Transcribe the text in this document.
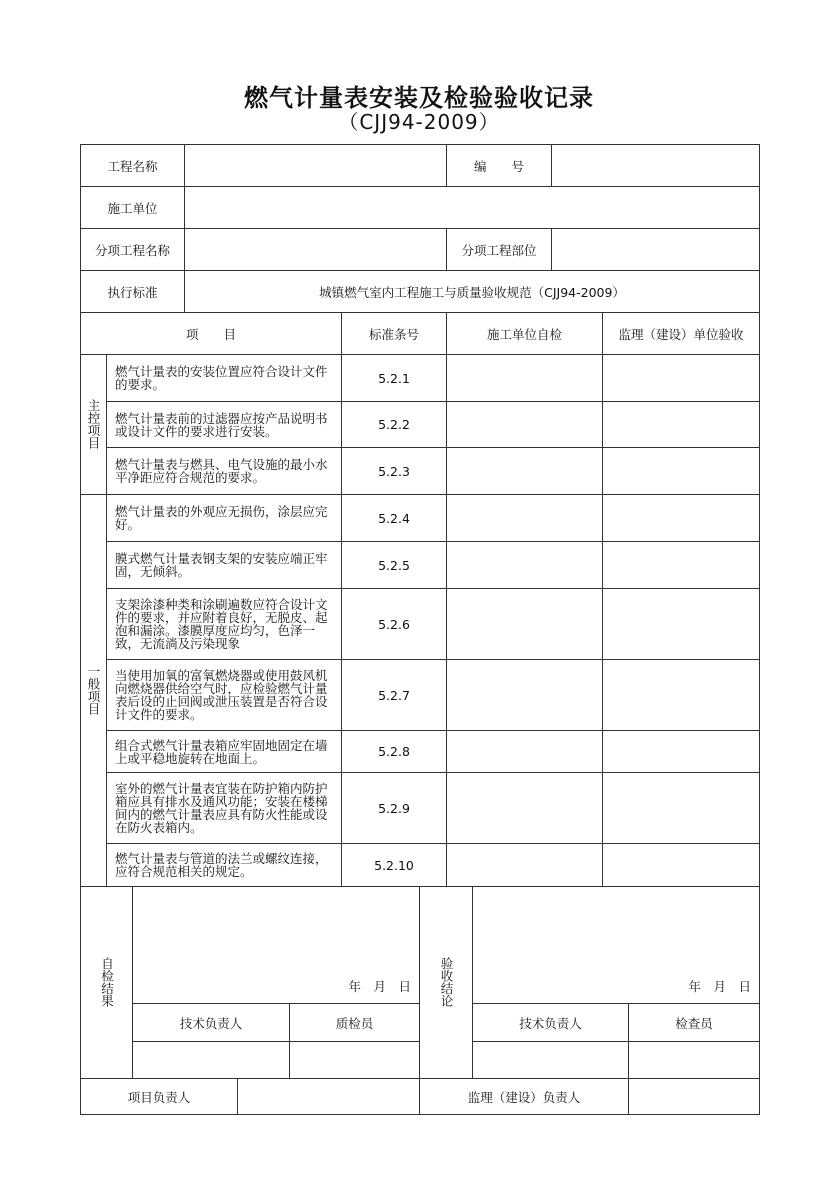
燃气计量表安装及检验验收记录
（CJJ94-2009）
工程名称				编　　号		
施工单位						
分项工程名称				分项工程部位		
执行标准		城镇燃气室内工程施工与质量验收规范（CJJ94-2009）				
项　　目			标准条号	施工单位自检		监理（建设）单位验收
主控项目	燃气计量表的安装位置应符合设计文件的要求。		5.2.1			
	燃气计量表前的过滤器应按产品说明书或设计文件的要求进行安装。		5.2.2			
	燃气计量表与燃具、电气设施的最小水平净距应符合规范的要求。		5.2.3			
一般项目	燃气计量表的外观应无损伤，涂层应完好。		5.2.4			
	膜式燃气计量表钢支架的安装应端正牢固，无倾斜。		5.2.5			
	支架涂漆种类和涂刷遍数应符合设计文件的要求，并应附着良好，无脱皮、起泡和漏涂。漆膜厚度应均匀，色泽一致，无流淌及污染现象		5.2.6			
	当使用加氧的富氧燃烧器或使用鼓风机向燃烧器供给空气时，应检验燃气计量表后设的止回阀或泄压装置是否符合设计文件的要求。		5.2.7			
	组合式燃气计量表箱应牢固地固定在墙上或平稳地旋转在地面上。		5.2.8			
	室外的燃气计量表宜装在防护箱内防护箱应具有排水及通风功能；安装在楼梯间内的燃气计量表应具有防火性能或设在防火表箱内。		5.2.9			
	燃气计量表与管道的法兰或螺纹连接，应符合规范相关的规定。		5.2.10			
自检结果	年　月　日		验收结论	年　月　日	

	技术负责人	质检员		技术负责人	检查员

项目负责人		监理（建设）负责人	
